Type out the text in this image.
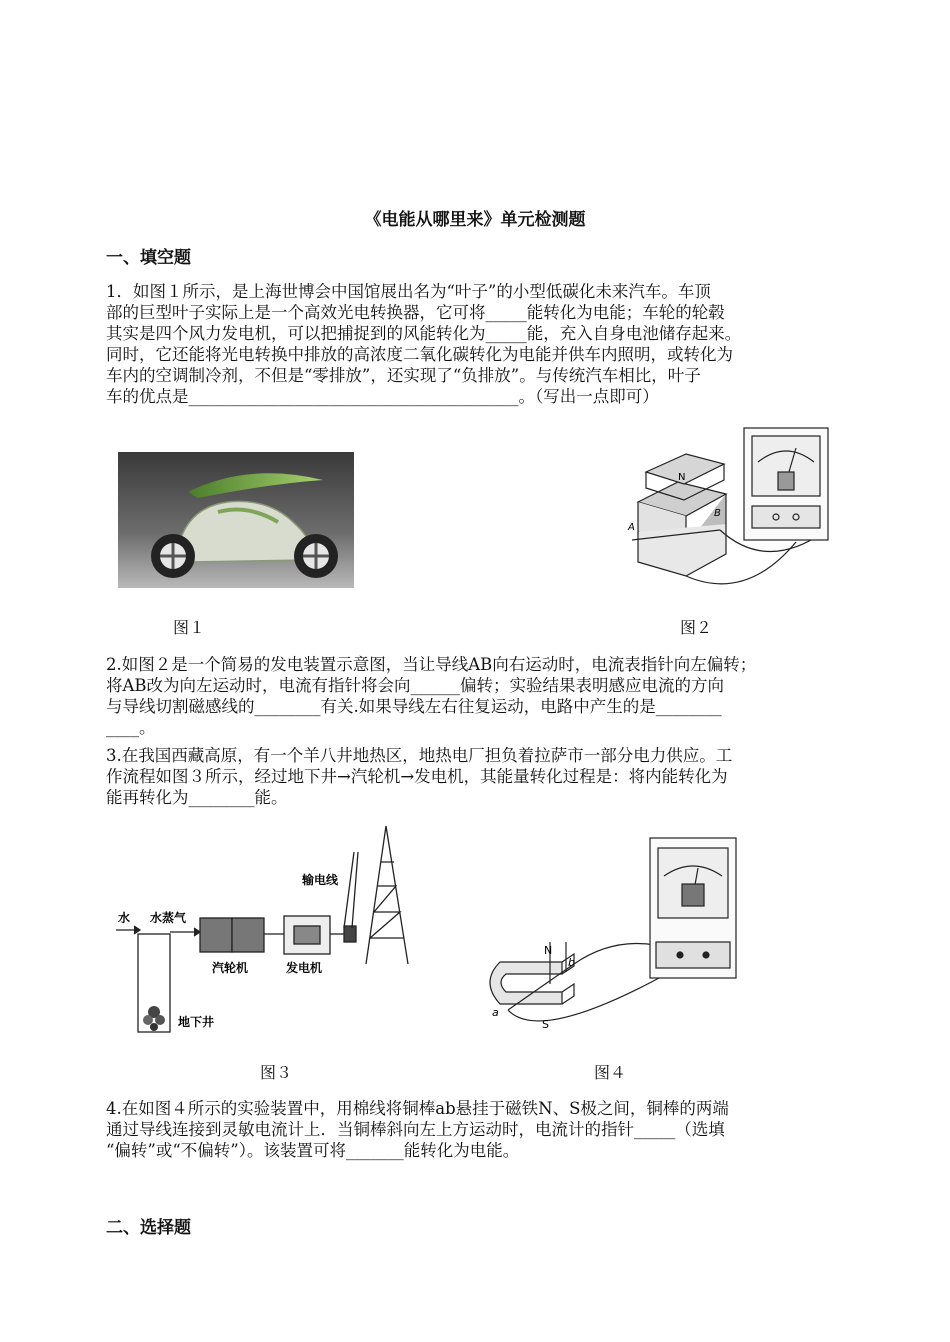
《电能从哪里来》单元检测题
一、填空题
1．如图１所示，是上海世博会中国馆展出名为“叶子”的小型低碳化未来汽车。车顶
部的巨型叶子实际上是一个高效光电转换器，它可将_____能转化为电能；车轮的轮毂
其实是四个风力发电机，可以把捕捉到的风能转化为_____能，充入自身电池储存起来。
同时，它还能将光电转换中排放的高浓度二氧化碳转化为电能并供车内照明，或转化为
车内的空调制冷剂，不但是“零排放”，还实现了“负排放”。与传统汽车相比，叶子
车的优点是________________________________________。（写出一点即可）
N
A
B
图１	图２
2.如图２是一个简易的发电装置示意图，当让导线AB向右运动时，电流表指针向左偏转；
将AB改为向左运动时，电流有指针将会向______偏转；实验结果表明感应电流的方向
与导线切割磁感线的________有关.如果导线左右往复运动，电路中产生的是________
____。
3.在我国西藏高原，有一个羊八井地热区，地热电厂担负着拉萨市一部分电力供应。工
作流程如图３所示，经过地下井→汽轮机→发电机，其能量转化过程是：将内能转化为
能再转化为________能。
水 水蒸气
输电线
汽轮机	发电机
地下井
N
S
a
b
图３	图４
4.在如图４所示的实验装置中，用棉线将铜棒ab悬挂于磁铁N、S极之间，铜棒的两端
通过导线连接到灵敏电流计上．当铜棒斜向左上方运动时，电流计的指针_____（选填
“偏转”或“不偏转”）。该装置可将_______能转化为电能。
二、选择题
